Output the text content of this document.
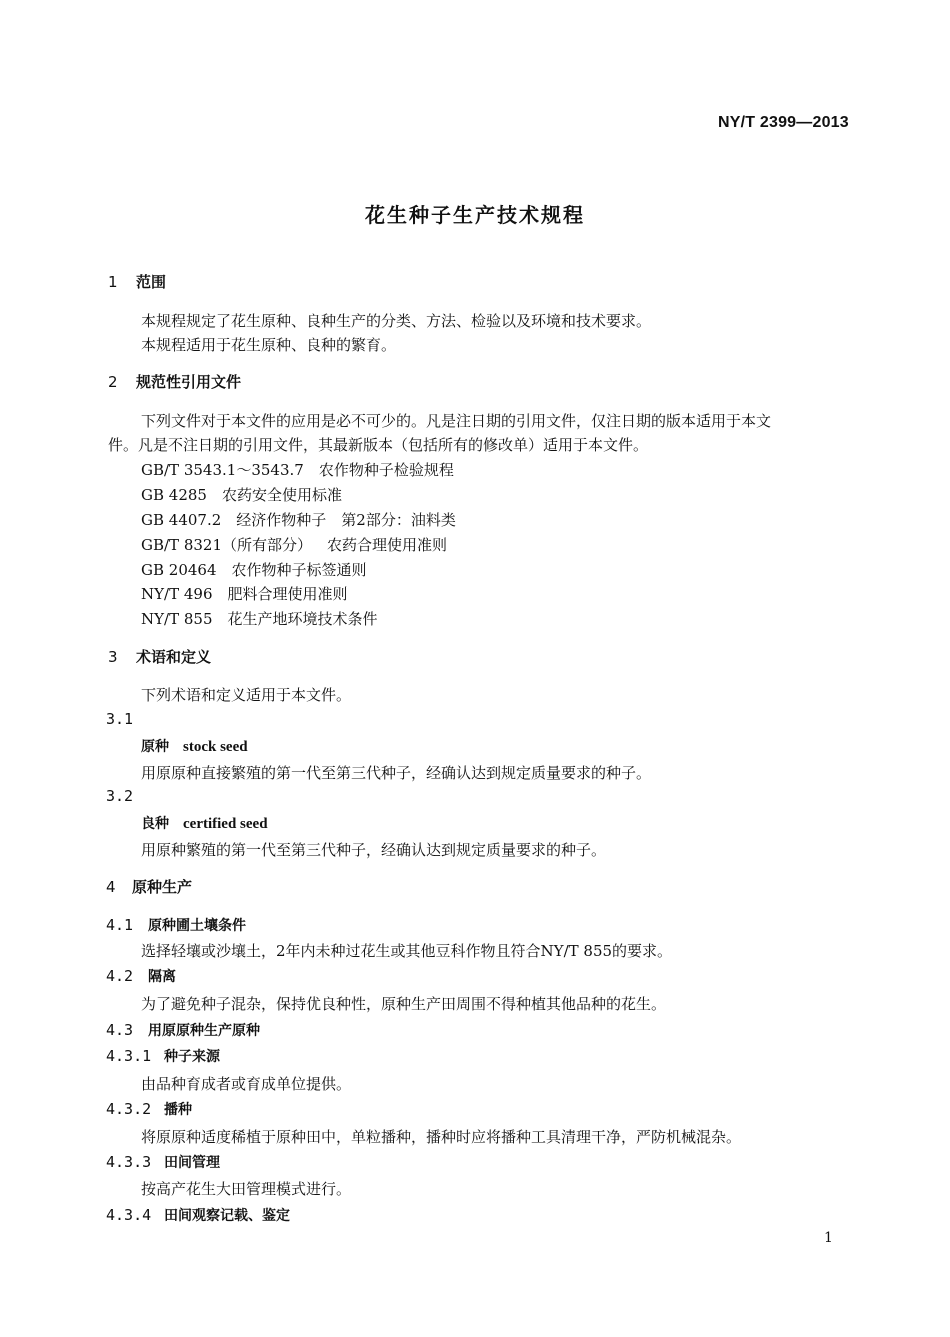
NY/T 2399—2013
花生种子生产技术规程
1 范围
本规程规定了花生原种、良种生产的分类、方法、检验以及环境和技术要求。
本规程适用于花生原种、良种的繁育。
2 规范性引用文件
下列文件对于本文件的应用是必不可少的。凡是注日期的引用文件，仅注日期的版本适用于本文
件。凡是不注日期的引用文件，其最新版本（包括所有的修改单）适用于本文件。
GB/T 3543.1～3543.7　 农作物种子检验规程
GB 4285　 农药安全使用标准
GB 4407.2　 经济作物种子　第2部分：油料类
GB/T 8321（所有部分）　 农药合理使用准则
GB 20464　 农作物种子标签通则
NY/T 496　 肥料合理使用准则
NY/T 855　 花生产地环境技术条件
3 术语和定义
下列术语和定义适用于本文件。
3.1
原种 stock seed
用原原种直接繁殖的第一代至第三代种子，经确认达到规定质量要求的种子。
3.2
良种 certified seed
用原种繁殖的第一代至第三代种子，经确认达到规定质量要求的种子。
4 原种生产
4.1 原种圃土壤条件
选择轻壤或沙壤土，2年内未种过花生或其他豆科作物且符合NY/T 855的要求。
4.2 隔离
为了避免种子混杂，保持优良种性，原种生产田周围不得种植其他品种的花生。
4.3 用原原种生产原种
4.3.1 种子来源
由品种育成者或育成单位提供。
4.3.2 播种
将原原种适度稀植于原种田中，单粒播种，播种时应将播种工具清理干净，严防机械混杂。
4.3.3 田间管理
按高产花生大田管理模式进行。
4.3.4 田间观察记载、鉴定
1
